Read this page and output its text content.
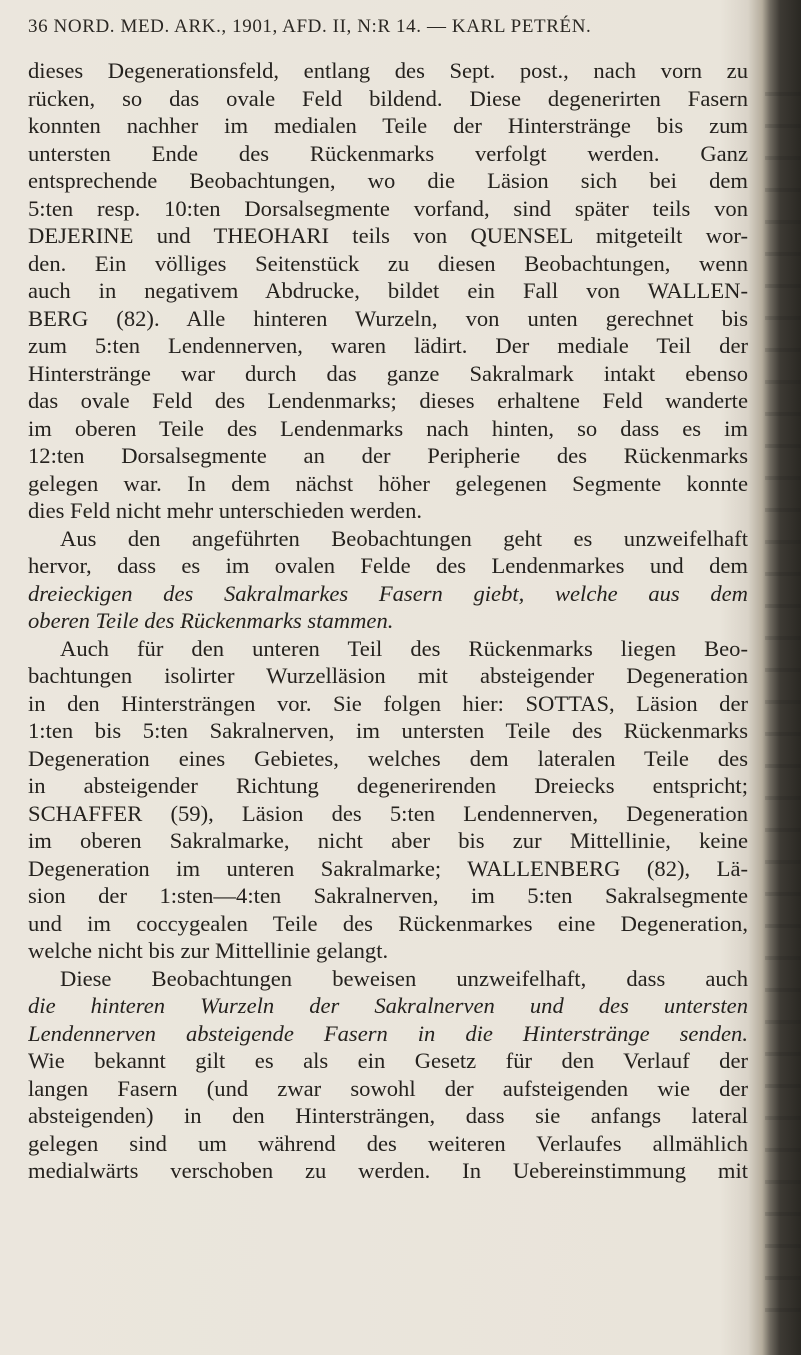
36 NORD. MED. ARK., 1901, AFD. II, N:R 14. — KARL PETRÉN.
dieses Degenerationsfeld, entlang des Sept. post., nach vorn zu
rücken, so das ovale Feld bildend. Diese degenerirten Fasern
konnten nachher im medialen Teile der Hinterstränge bis zum
untersten Ende des Rückenmarks verfolgt werden. Ganz
entsprechende Beobachtungen, wo die Läsion sich bei dem
5:ten resp. 10:ten Dorsalsegmente vorfand, sind später teils von
DEJERINE und THEOHARI teils von QUENSEL mitgeteilt wor-
den. Ein völliges Seitenstück zu diesen Beobachtungen, wenn
auch in negativem Abdrucke, bildet ein Fall von WALLEN-
BERG (82). Alle hinteren Wurzeln, von unten gerechnet bis
zum 5:ten Lendennerven, waren lädirt. Der mediale Teil der
Hinterstränge war durch das ganze Sakralmark intakt ebenso
das ovale Feld des Lendenmarks; dieses erhaltene Feld wanderte
im oberen Teile des Lendenmarks nach hinten, so dass es im
12:ten Dorsalsegmente an der Peripherie des Rückenmarks
gelegen war. In dem nächst höher gelegenen Segmente konnte
dies Feld nicht mehr unterschieden werden.
Aus den angeführten Beobachtungen geht es unzweifelhaft
hervor, dass es im ovalen Felde des Lendenmarkes und dem
dreieckigen des Sakralmarkes Fasern giebt, welche aus dem
oberen Teile des Rückenmarks stammen.
Auch für den unteren Teil des Rückenmarks liegen Beo-
bachtungen isolirter Wurzelläsion mit absteigender Degeneration
in den Hintersträngen vor. Sie folgen hier: SOTTAS, Läsion der
1:ten bis 5:ten Sakralnerven, im untersten Teile des Rückenmarks
Degeneration eines Gebietes, welches dem lateralen Teile des
in absteigender Richtung degenerirenden Dreiecks entspricht;
SCHAFFER (59), Läsion des 5:ten Lendennerven, Degeneration
im oberen Sakralmarke, nicht aber bis zur Mittellinie, keine
Degeneration im unteren Sakralmarke; WALLENBERG (82), Lä-
sion der 1:sten—4:ten Sakralnerven, im 5:ten Sakralsegmente
und im coccygealen Teile des Rückenmarkes eine Degeneration,
welche nicht bis zur Mittellinie gelangt.
Diese Beobachtungen beweisen unzweifelhaft, dass auch
die hinteren Wurzeln der Sakralnerven und des untersten
Lendennerven absteigende Fasern in die Hinterstränge senden.
Wie bekannt gilt es als ein Gesetz für den Verlauf der
langen Fasern (und zwar sowohl der aufsteigenden wie der
absteigenden) in den Hintersträngen, dass sie anfangs lateral
gelegen sind um während des weiteren Verlaufes allmählich
medialwärts verschoben zu werden. In Uebereinstimmung mit
